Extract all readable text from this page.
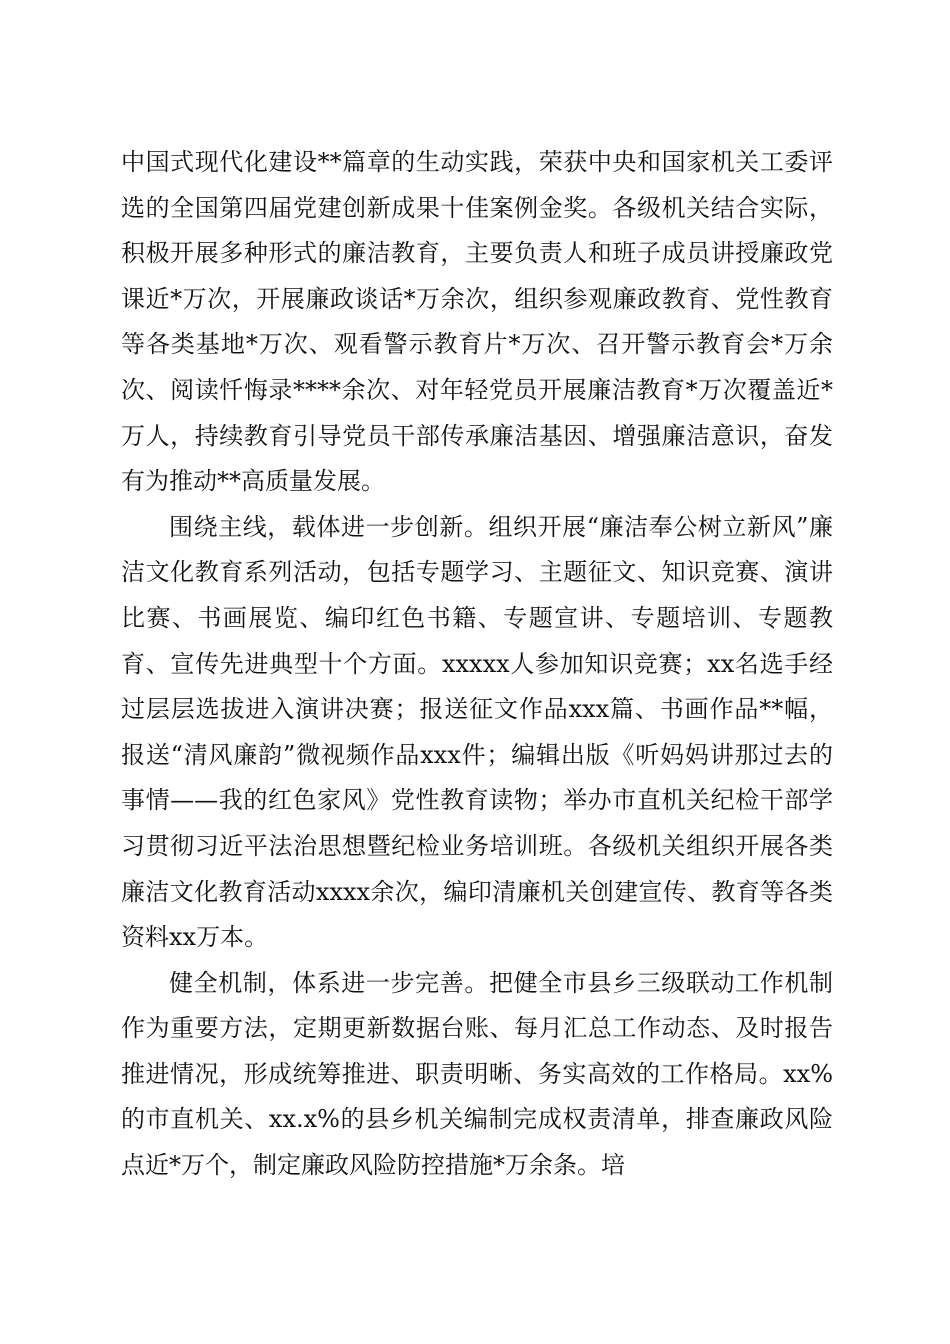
中国式现代化建设**篇章的生动实践，荣获中央和国家机关工委评选的全国第四届党建创新成果十佳案例金奖。各级机关结合实际，积极开展多种形式的廉洁教育，主要负责人和班子成员讲授廉政党课近*万次，开展廉政谈话*万余次，组织参观廉政教育、党性教育等各类基地*万次、观看警示教育片*万次、召开警示教育会*万余次、阅读忏悔录****余次、对年轻党员开展廉洁教育*万次覆盖近*万人，持续教育引导党员干部传承廉洁基因、增强廉洁意识，奋发有为推动**高质量发展。

围绕主线，载体进一步创新。组织开展“廉洁奉公树立新风”廉洁文化教育系列活动，包括专题学习、主题征文、知识竞赛、演讲比赛、书画展览、编印红色书籍、专题宣讲、专题培训、专题教育、宣传先进典型十个方面。xxxxx人参加知识竞赛；xx名选手经过层层选拔进入演讲决赛；报送征文作品xxx篇、书画作品**幅，报送“清风廉韵”微视频作品xxx件；编辑出版《听妈妈讲那过去的事情——我的红色家风》党性教育读物；举办市直机关纪检干部学习贯彻习近平法治思想暨纪检业务培训班。各级机关组织开展各类廉洁文化教育活动xxxx余次，编印清廉机关创建宣传、教育等各类资料xx万本。

健全机制，体系进一步完善。把健全市县乡三级联动工作机制作为重要方法，定期更新数据台账、每月汇总工作动态、及时报告推进情况，形成统筹推进、职责明晰、务实高效的工作格局。xx%的市直机关、xx.x%的县乡机关编制完成权责清单，排查廉政风险点近*万个，制定廉政风险防控措施*万余条。培
